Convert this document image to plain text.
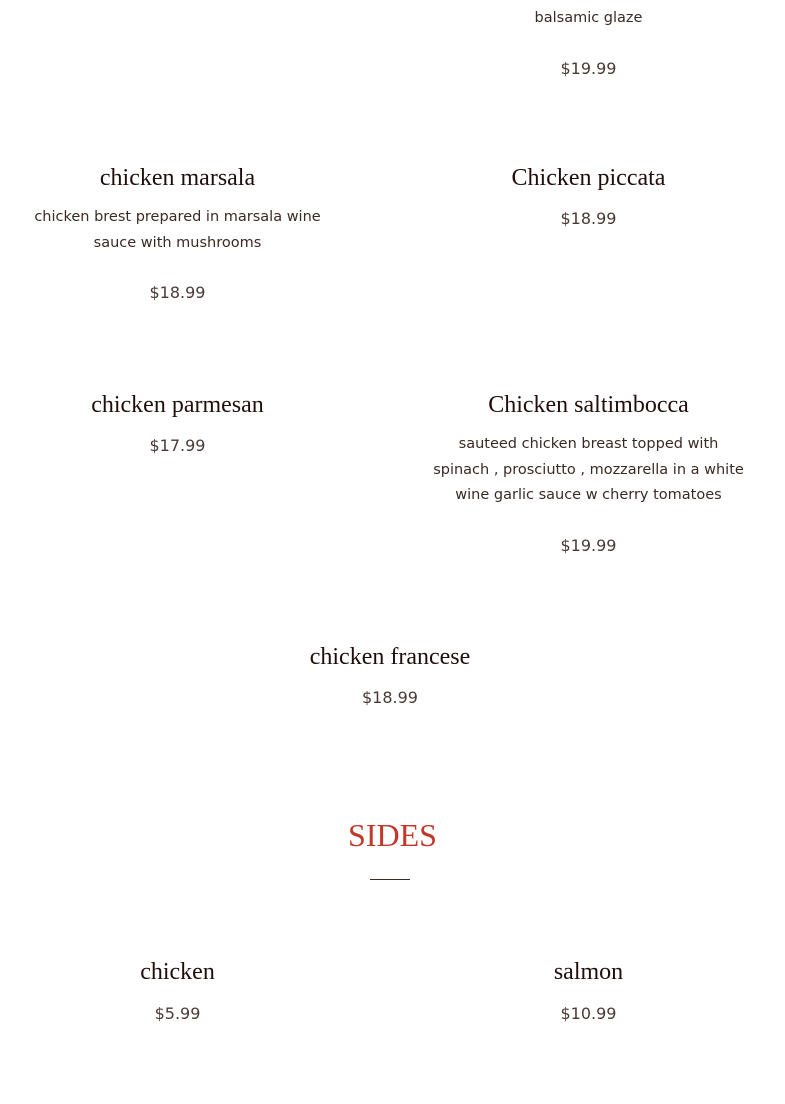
balsamic glaze

$19.99

chicken marsala

chicken brest prepared in marsala wine sauce with mushrooms

$18.99

Chicken piccata

$18.99

chicken parmesan

$17.99

Chicken saltimbocca

sauteed chicken breast topped with spinach , prosciutto , mozzarella in a white wine garlic sauce w cherry tomatoes

$19.99

chicken francese

$18.99

SIDES
chicken

$5.99

salmon

$10.99
